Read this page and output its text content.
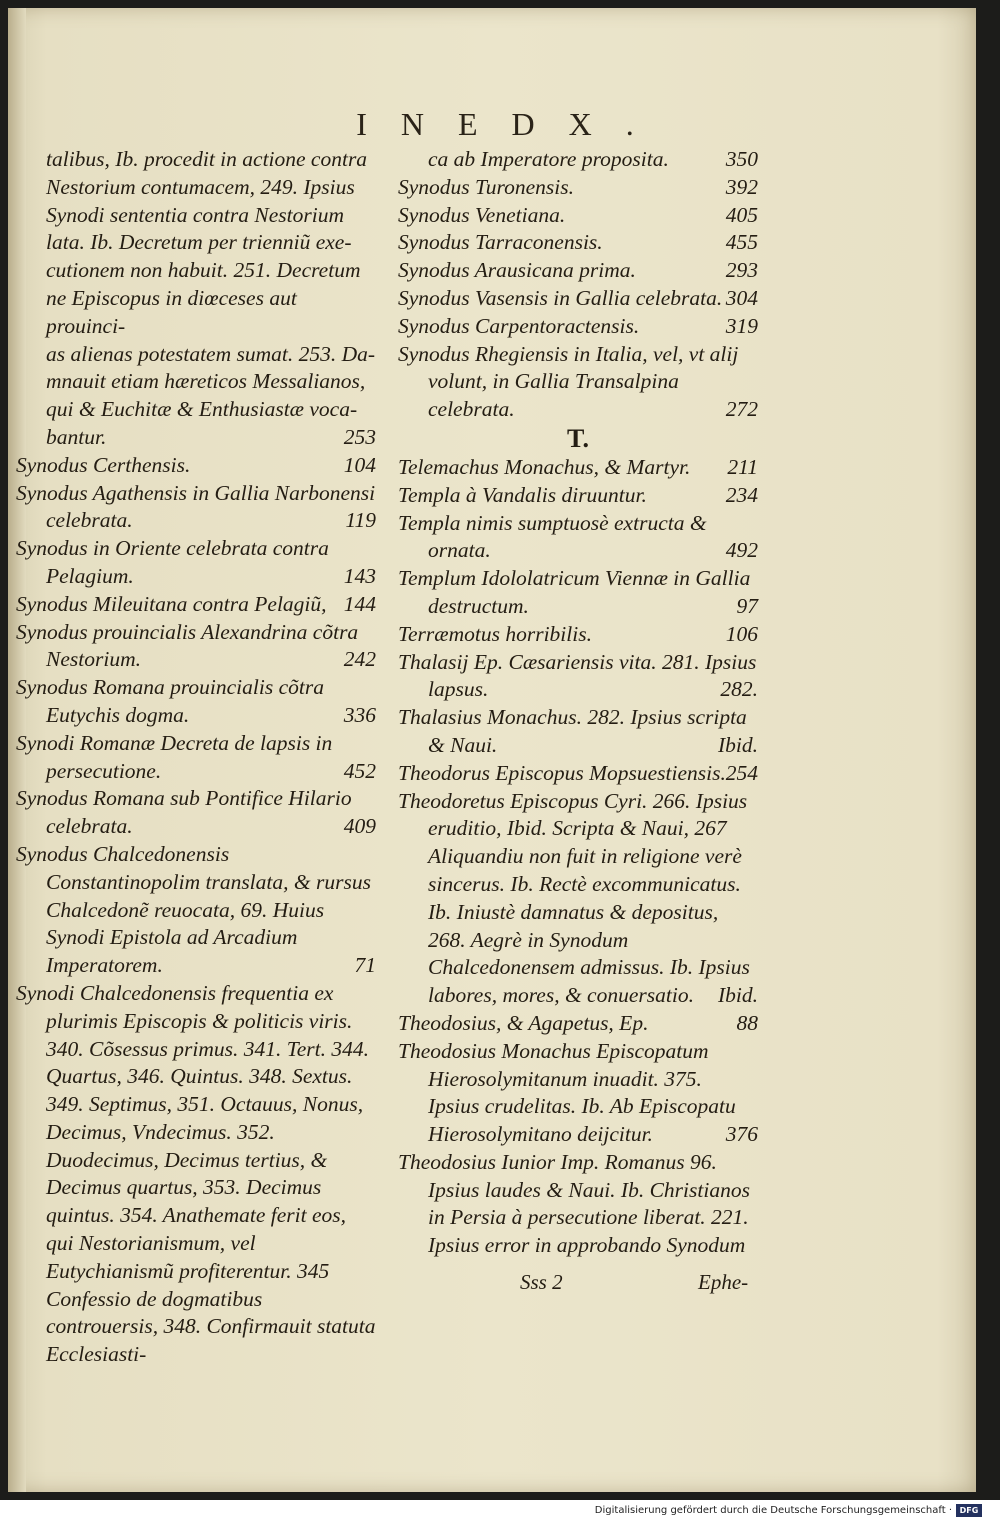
INEDX.
talibus, Ib. procedit in actione contra
Nestorium contumacem, 249. Ipsius
Synodi sententia contra Nestorium
lata. Ib. Decretum per trienniũ exe-
cutionem non habuit. 251. Decretum
ne Episcopus in diœceses aut prouinci-
as alienas potestatem sumat. 253. Da-
mnauit etiam hæreticos Messalianos,
qui & Euchitæ & Enthusiastæ voca-
bantur.	253
Synodus Certhensis.	104
Synodus Agathensis in Gallia Narbonensi celebrata.	119
Synodus in Oriente celebrata contra Pelagium.	143
Synodus Mileuitana contra Pelagiũ, 144
Synodus prouincialis Alexandrina cõtra Nestorium.	242
Synodus Romana prouincialis cõtra Eutychis dogma.	336
Synodi Romanæ Decreta de lapsis in persecutione.	452
Synodus Romana sub Pontifice Hilario celebrata.	409
Synodus Chalcedonensis Constantinopolim translata, & rursus Chalcedonẽ reuocata, 69. Huius Synodi Epistola ad Arcadium Imperatorem.	71
Synodi Chalcedonensis frequentia ex plurimis Episcopis & politicis viris. 340. Cõsessus primus. 341. Tert. 344. Quartus, 346. Quintus. 348. Sextus. 349. Septimus, 351. Octauus, Nonus, Decimus, Vndecimus. 352. Duodecimus, Decimus tertius, & Decimus quartus, 353. Decimus quintus. 354. Anathemate ferit eos, qui Nestorianismum, vel Eutychianismũ profiterentur. 345 Confessio de dogmatibus controuersis, 348. Confirmauit statuta Ecclesiasti-
ca ab Imperatore proposita.	350
Synodus Turonensis.	392
Synodus Venetiana.	405
Synodus Tarraconensis.	455
Synodus Arausicana prima.	293
Synodus Vasensis in Gallia celebrata. 304
Synodus Carpentoractensis.	319
Synodus Rhegiensis in Italia, vel, vt alij volunt, in Gallia Transalpina celebrata.	272
T.
Telemachus Monachus, & Martyr.	211
Templa à Vandalis diruuntur.	234
Templa nimis sumptuosè extructa & ornata.	492
Templum Idololatricum Viennæ in Gallia destructum.	97
Terræmotus horribilis.	106
Thalasij Ep. Cæsariensis vita. 281. Ipsius lapsus.	282.
Thalasius Monachus. 282. Ipsius scripta & Naui.	Ibid.
Theodorus Episcopus Mopsuestiensis. 254
Theodoretus Episcopus Cyri. 266. Ipsius eruditio, Ibid. Scripta & Naui, 267 Aliquandiu non fuit in religione verè sincerus. Ib. Rectè excommunicatus. Ib. Iniustè damnatus & depositus, 268. Aegrè in Synodum Chalcedonensem admissus. Ib. Ipsius labores, mores, & conuersatio.	Ibid.
Theodosius, & Agapetus, Ep.	88
Theodosius Monachus Episcopatum Hierosolymitanum inuadit. 375. Ipsius crudelitas. Ib. Ab Episcopatu Hierosolymitano deijcitur.	376
Theodosius Iunior Imp. Romanus 96. Ipsius laudes & Naui. Ib. Christianos in Persia à persecutione liberat. 221. Ipsius error in approbando Synodum
Sss 2	Ephe-
Digitalisierung gefördert durch die Deutsche Forschungsgemeinschaft · DFG
